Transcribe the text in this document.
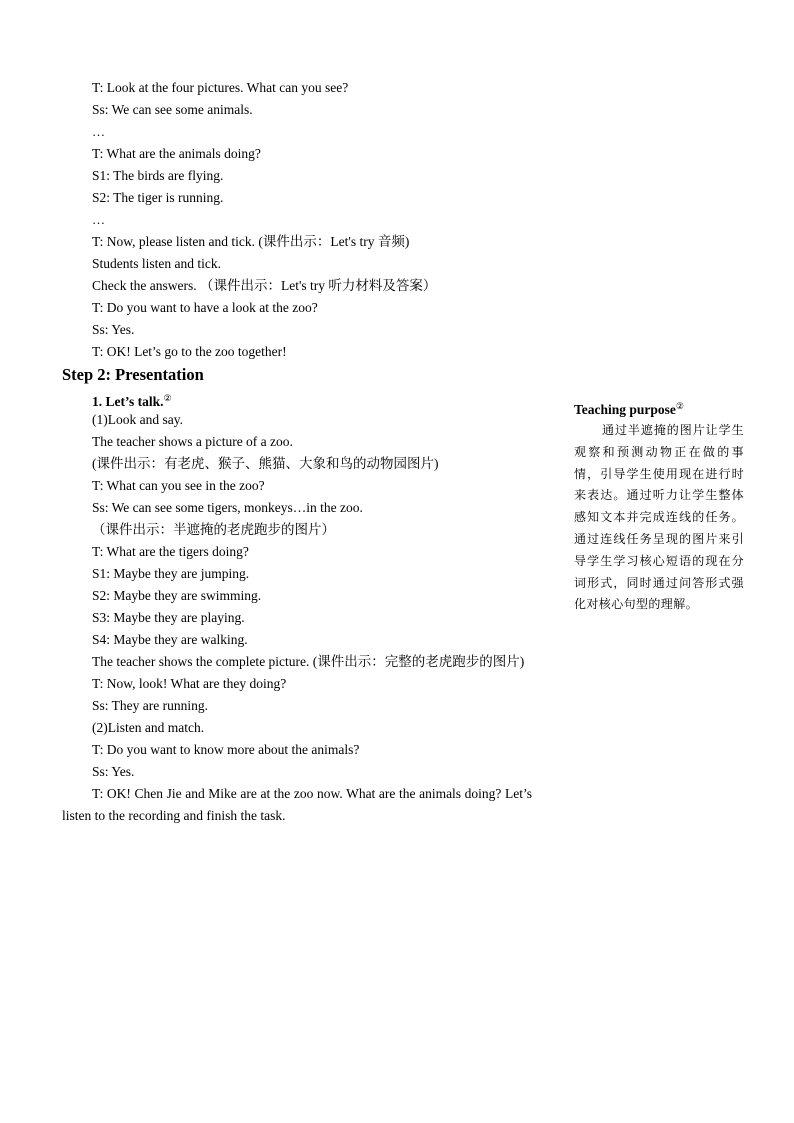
T: Look at the four pictures. What can you see?
Ss: We can see some animals.
…
T: What are the animals doing?
S1: The birds are flying.
S2: The tiger is running.
…
T: Now, please listen and tick. (课件出示：Let's try 音频)
Students listen and tick.
Check the answers. （课件出示：Let's try 听力材料及答案）
T: Do you want to have a look at the zoo?
Ss: Yes.
T: OK! Let’s go to the zoo together!
Step 2: Presentation
1. Let’s talk.②
(1)Look and say.
The teacher shows a picture of a zoo.
(课件出示：有老虎、猴子、熊猫、大象和鸟的动物园图片)
T: What can you see in the zoo?
Ss: We can see some tigers, monkeys…in the zoo.
（课件出示：半遮掩的老虎跑步的图片）
T: What are the tigers doing?
S1: Maybe they are jumping.
S2: Maybe they are swimming.
S3: Maybe they are playing.
S4: Maybe they are walking.
The teacher shows the complete picture. (课件出示：完整的老虎跑步的图片)
T: Now, look! What are they doing?
Ss: They are running.
(2)Listen and match.
T: Do you want to know more about the animals?
Ss: Yes.
T: OK! Chen Jie and Mike are at the zoo now. What are the animals doing? Let’s listen to the recording and finish the task.
Teaching purpose②
通过半遮掩的图片让学生观察和预测动物正在做的事情，引导学生使用现在进行时来表达。通过听力让学生整体感知文本并完成连线的任务。通过连线任务呈现的图片来引导学生学习核心短语的现在分词形式，同时通过问答形式强化对核心句型的理解。
